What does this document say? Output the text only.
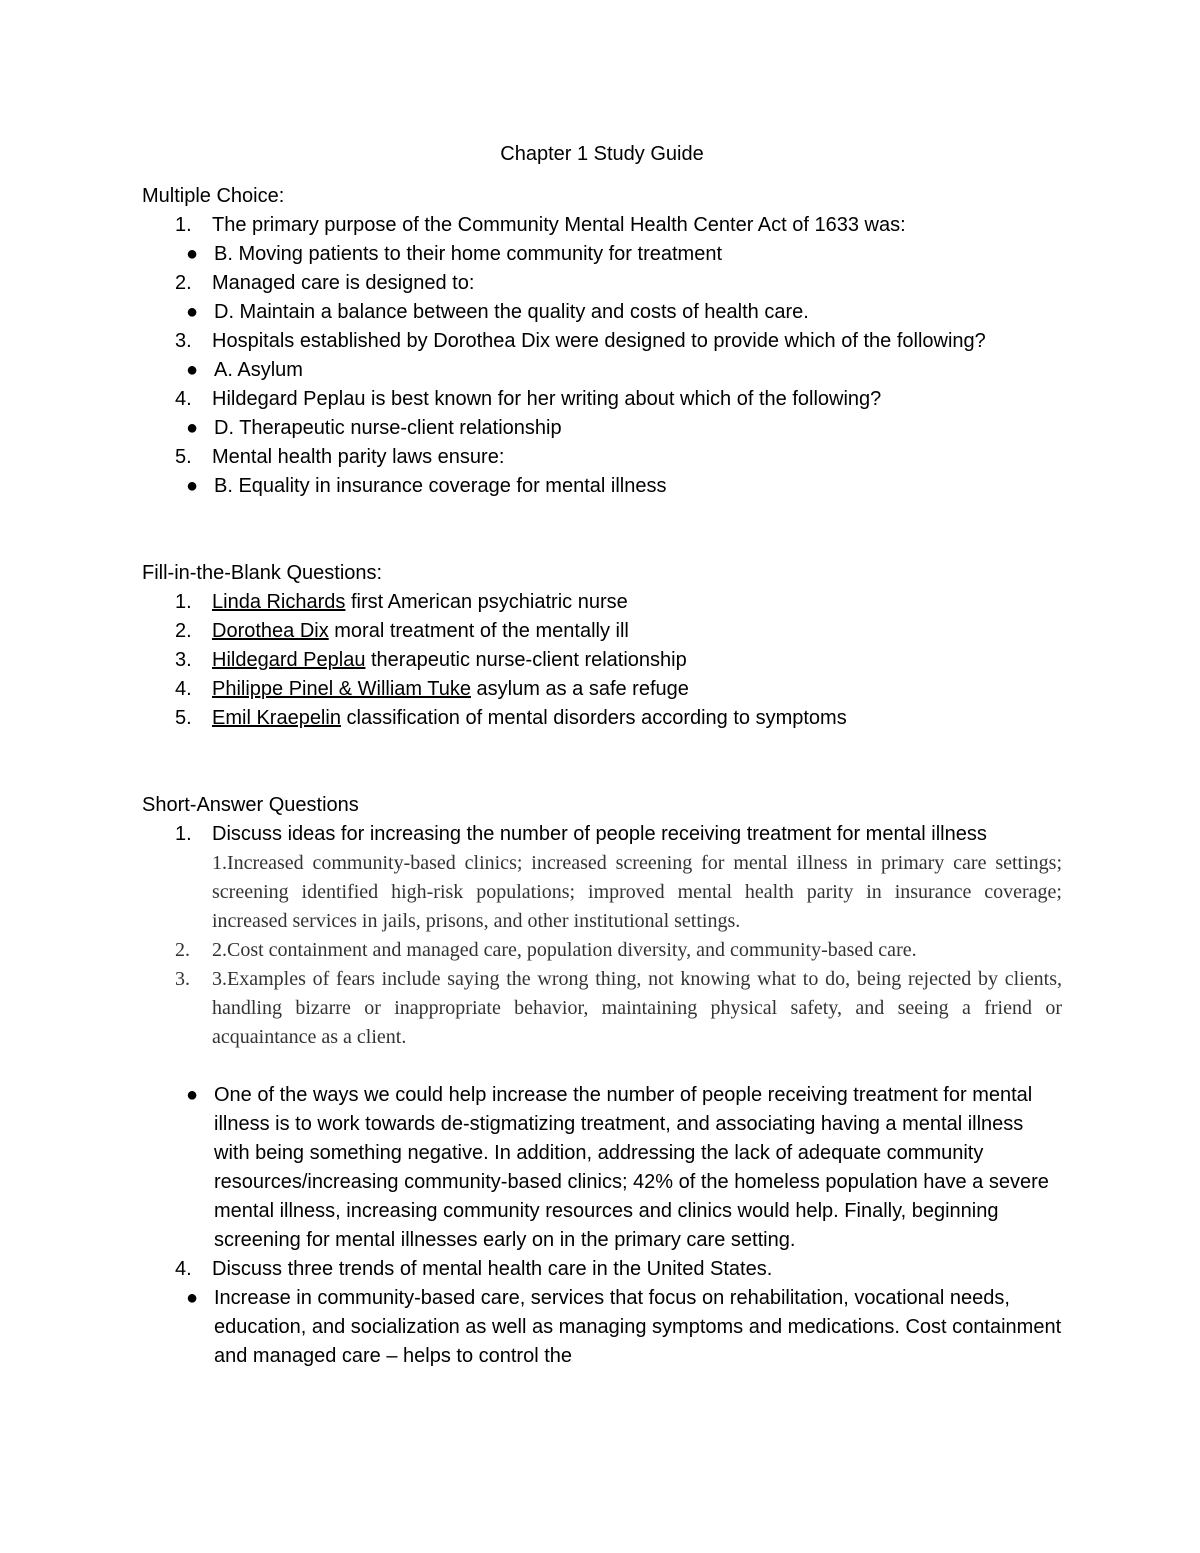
Chapter 1 Study Guide
Multiple Choice:
1. The primary purpose of the Community Mental Health Center Act of 1633 was:
● B. Moving patients to their home community for treatment
2. Managed care is designed to:
● D. Maintain a balance between the quality and costs of health care.
3. Hospitals established by Dorothea Dix were designed to provide which of the following?
● A. Asylum
4. Hildegard Peplau is best known for her writing about which of the following?
● D. Therapeutic nurse-client relationship
5. Mental health parity laws ensure:
● B. Equality in insurance coverage for mental illness
Fill-in-the-Blank Questions:
1. Linda Richards first American psychiatric nurse
2. Dorothea Dix moral treatment of the mentally ill
3. Hildegard Peplau therapeutic nurse-client relationship
4. Philippe Pinel & William Tuke asylum as a safe refuge
5. Emil Kraepelin classification of mental disorders according to symptoms
Short-Answer Questions
1. Discuss ideas for increasing the number of people receiving treatment for mental illness
1.Increased community-based clinics; increased screening for mental illness in primary care settings; screening identified high-risk populations; improved mental health parity in insurance coverage; increased services in jails, prisons, and other institutional settings.
2. 2.Cost containment and managed care, population diversity, and community-based care.
3. 3.Examples of fears include saying the wrong thing, not knowing what to do, being rejected by clients, handling bizarre or inappropriate behavior, maintaining physical safety, and seeing a friend or acquaintance as a client.
● One of the ways we could help increase the number of people receiving treatment for mental illness is to work towards de-stigmatizing treatment, and associating having a mental illness with being something negative. In addition, addressing the lack of adequate community resources/increasing community-based clinics; 42% of the homeless population have a severe mental illness, increasing community resources and clinics would help. Finally, beginning screening for mental illnesses early on in the primary care setting.
4. Discuss three trends of mental health care in the United States.
● Increase in community-based care, services that focus on rehabilitation, vocational needs, education, and socialization as well as managing symptoms and medications. Cost containment and managed care – helps to control the
